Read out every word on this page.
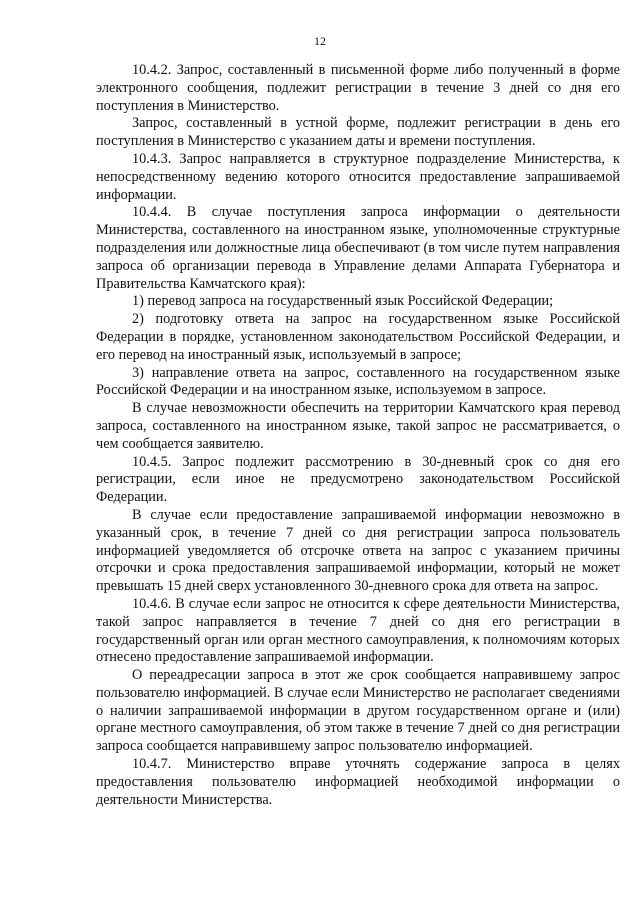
12

10.4.2. Запрос, составленный в письменной форме либо полученный в форме электронного сообщения, подлежит регистрации в течение 3 дней со дня его поступления в Министерство.

Запрос, составленный в устной форме, подлежит регистрации в день его поступления в Министерство с указанием даты и времени поступления.

10.4.3. Запрос направляется в структурное подразделение Министерства, к непосредственному ведению которого относится предоставление запрашиваемой информации.

10.4.4. В случае поступления запроса информации о деятельности Министерства, составленного на иностранном языке, уполномоченные структурные подразделения или должностные лица обеспечивают (в том числе путем направления запроса об организации перевода в Управление делами Аппарата Губернатора и Правительства Камчатского края):

1) перевод запроса на государственный язык Российской Федерации;

2) подготовку ответа на запрос на государственном языке Российской Федерации в порядке, установленном законодательством Российской Федерации, и его перевод на иностранный язык, используемый в запросе;

3) направление ответа на запрос, составленного на государственном языке Российской Федерации и на иностранном языке, используемом в запросе.

В случае невозможности обеспечить на территории Камчатского края перевод запроса, составленного на иностранном языке, такой запрос не рассматривается, о чем сообщается заявителю.

10.4.5. Запрос подлежит рассмотрению в 30-дневный срок со дня его регистрации, если иное не предусмотрено законодательством Российской Федерации.

В случае если предоставление запрашиваемой информации невозможно в указанный срок, в течение 7 дней со дня регистрации запроса пользователь информацией уведомляется об отсрочке ответа на запрос с указанием причины отсрочки и срока предоставления запрашиваемой информации, который не может превышать 15 дней сверх установленного 30-дневного срока для ответа на запрос.

10.4.6. В случае если запрос не относится к сфере деятельности Министерства, такой запрос направляется в течение 7 дней со дня его регистрации в государственный орган или орган местного самоуправления, к полномочиям которых отнесено предоставление запрашиваемой информации.

О переадресации запроса в этот же срок сообщается направившему запрос пользователю информацией. В случае если Министерство не располагает сведениями о наличии запрашиваемой информации в другом государственном органе и (или) органе местного самоуправления, об этом также в течение 7 дней со дня регистрации запроса сообщается направившему запрос пользователю информацией.

10.4.7. Министерство вправе уточнять содержание запроса в целях предоставления пользователю информацией необходимой информации о деятельности Министерства.
